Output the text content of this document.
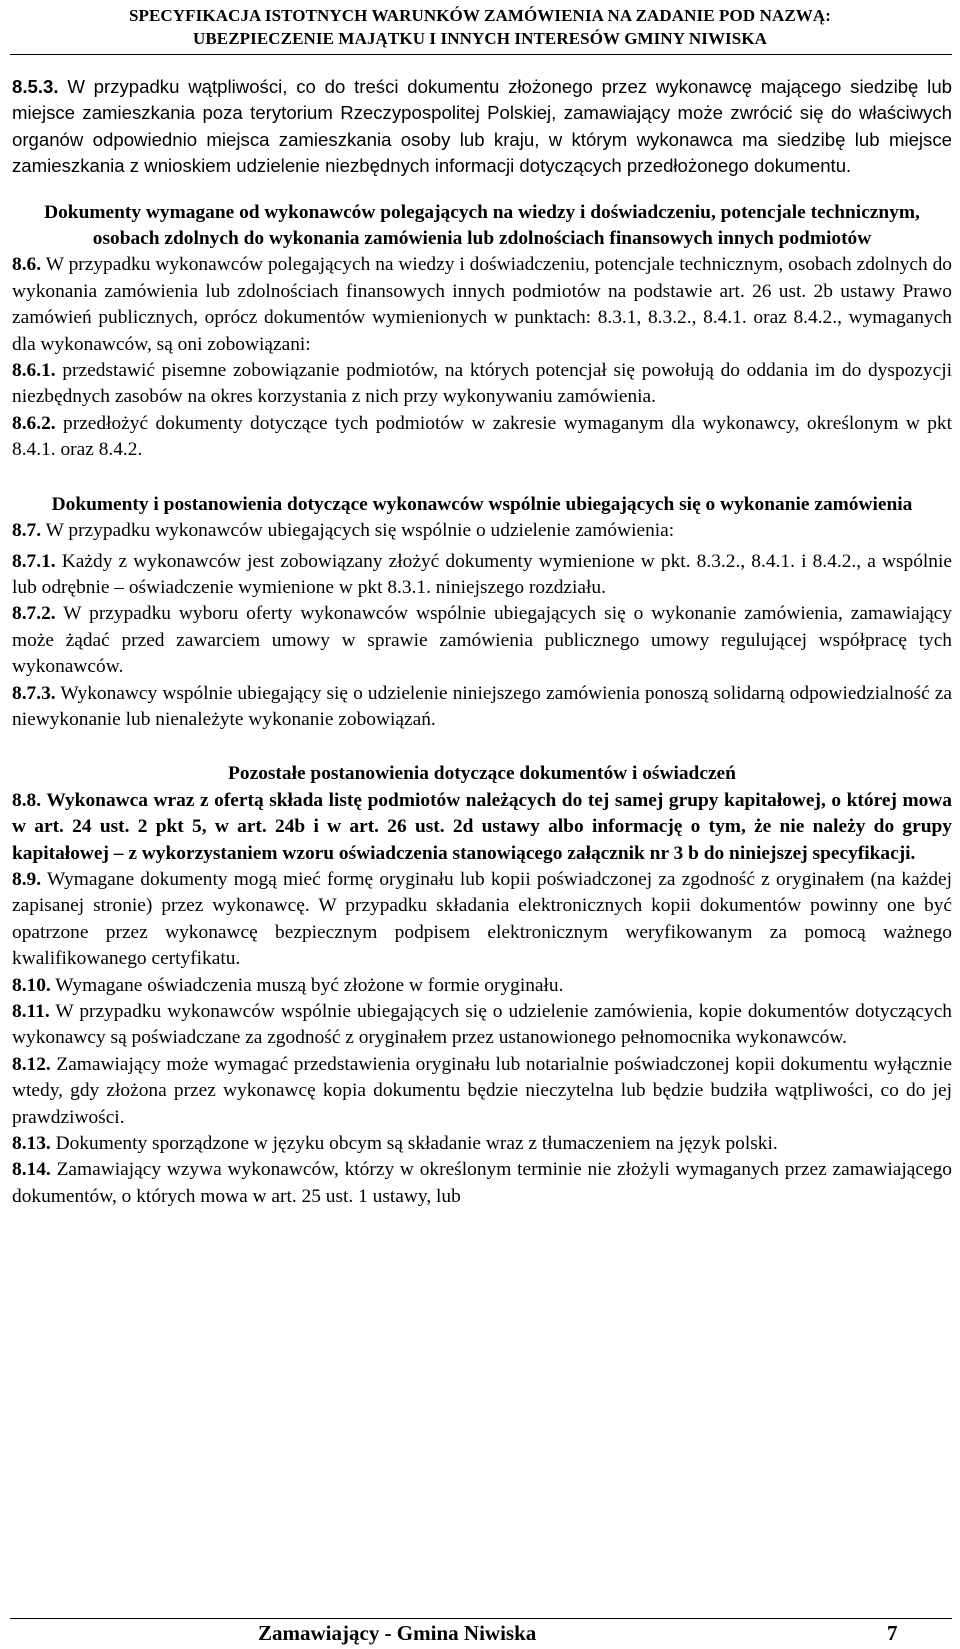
SPECYFIKACJA ISTOTNYCH WARUNKÓW ZAMÓWIENIA NA ZADANIE POD NAZWĄ:
UBEZPIECZENIE MAJĄTKU I INNYCH INTERESÓW GMINY NIWISKA

8.5.3. W przypadku wątpliwości, co do treści dokumentu złożonego przez wykonawcę mającego siedzibę lub miejsce zamieszkania poza terytorium Rzeczypospolitej Polskiej, zamawiający może zwrócić się do właściwych organów odpowiednio miejsca zamieszkania osoby lub kraju, w którym wykonawca ma siedzibę lub miejsce zamieszkania z wnioskiem udzielenie niezbędnych informacji dotyczących przedłożonego dokumentu.

Dokumenty wymagane od wykonawców polegających na wiedzy i doświadczeniu, potencjale technicznym, osobach zdolnych do wykonania zamówienia lub zdolnościach finansowych innych podmiotów

8.6. W przypadku wykonawców polegających na wiedzy i doświadczeniu, potencjale technicznym, osobach zdolnych do wykonania zamówienia lub zdolnościach finansowych innych podmiotów na podstawie art. 26 ust. 2b ustawy Prawo zamówień publicznych, oprócz dokumentów wymienionych w punktach: 8.3.1, 8.3.2., 8.4.1. oraz 8.4.2., wymaganych dla wykonawców, są oni zobowiązani:

8.6.1. przedstawić pisemne zobowiązanie podmiotów, na których potencjał się powołują do oddania im do dyspozycji niezbędnych zasobów na okres korzystania z nich przy wykonywaniu zamówienia.

8.6.2. przedłożyć dokumenty dotyczące tych podmiotów w zakresie wymaganym dla wykonawcy, określonym w pkt 8.4.1. oraz 8.4.2.

Dokumenty i postanowienia dotyczące wykonawców wspólnie ubiegających się o wykonanie zamówienia

8.7. W przypadku wykonawców ubiegających się wspólnie o udzielenie zamówienia:

8.7.1. Każdy z wykonawców jest zobowiązany złożyć dokumenty wymienione w pkt. 8.3.2., 8.4.1. i 8.4.2., a wspólnie lub odrębnie – oświadczenie wymienione w pkt 8.3.1. niniejszego rozdziału.

8.7.2. W przypadku wyboru oferty wykonawców wspólnie ubiegających się o wykonanie zamówienia, zamawiający może żądać przed zawarciem umowy w sprawie zamówienia publicznego umowy regulującej współpracę tych wykonawców.

8.7.3. Wykonawcy wspólnie ubiegający się o udzielenie niniejszego zamówienia ponoszą solidarną odpowiedzialność za niewykonanie lub nienależyte wykonanie zobowiązań.

Pozostałe postanowienia dotyczące dokumentów i oświadczeń

8.8. Wykonawca wraz z ofertą składa listę podmiotów należących do tej samej grupy kapitałowej, o której mowa w art. 24 ust. 2 pkt 5, w art. 24b i w art. 26 ust. 2d ustawy albo informację o tym, że nie należy do grupy kapitałowej – z wykorzystaniem wzoru oświadczenia stanowiącego załącznik nr 3 b do niniejszej specyfikacji.

8.9. Wymagane dokumenty mogą mieć formę oryginału lub kopii poświadczonej za zgodność z oryginałem (na każdej zapisanej stronie) przez wykonawcę. W przypadku składania elektronicznych kopii dokumentów powinny one być opatrzone przez wykonawcę bezpiecznym podpisem elektronicznym weryfikowanym za pomocą ważnego kwalifikowanego certyfikatu.

8.10. Wymagane oświadczenia muszą być złożone w formie oryginału.

8.11. W przypadku wykonawców wspólnie ubiegających się o udzielenie zamówienia, kopie dokumentów dotyczących wykonawcy są poświadczane za zgodność z oryginałem przez ustanowionego pełnomocnika wykonawców.

8.12. Zamawiający może wymagać przedstawienia oryginału lub notarialnie poświadczonej kopii dokumentu wyłącznie wtedy, gdy złożona przez wykonawcę kopia dokumentu będzie nieczytelna lub będzie budziła wątpliwości, co do jej prawdziwości.

8.13. Dokumenty sporządzone w języku obcym są składanie wraz z tłumaczeniem na język polski.

8.14. Zamawiający wzywa wykonawców, którzy w określonym terminie nie złożyli wymaganych przez zamawiającego dokumentów, o których mowa w art. 25 ust. 1 ustawy, lub

Zamawiający - Gmina Niwiska	7
